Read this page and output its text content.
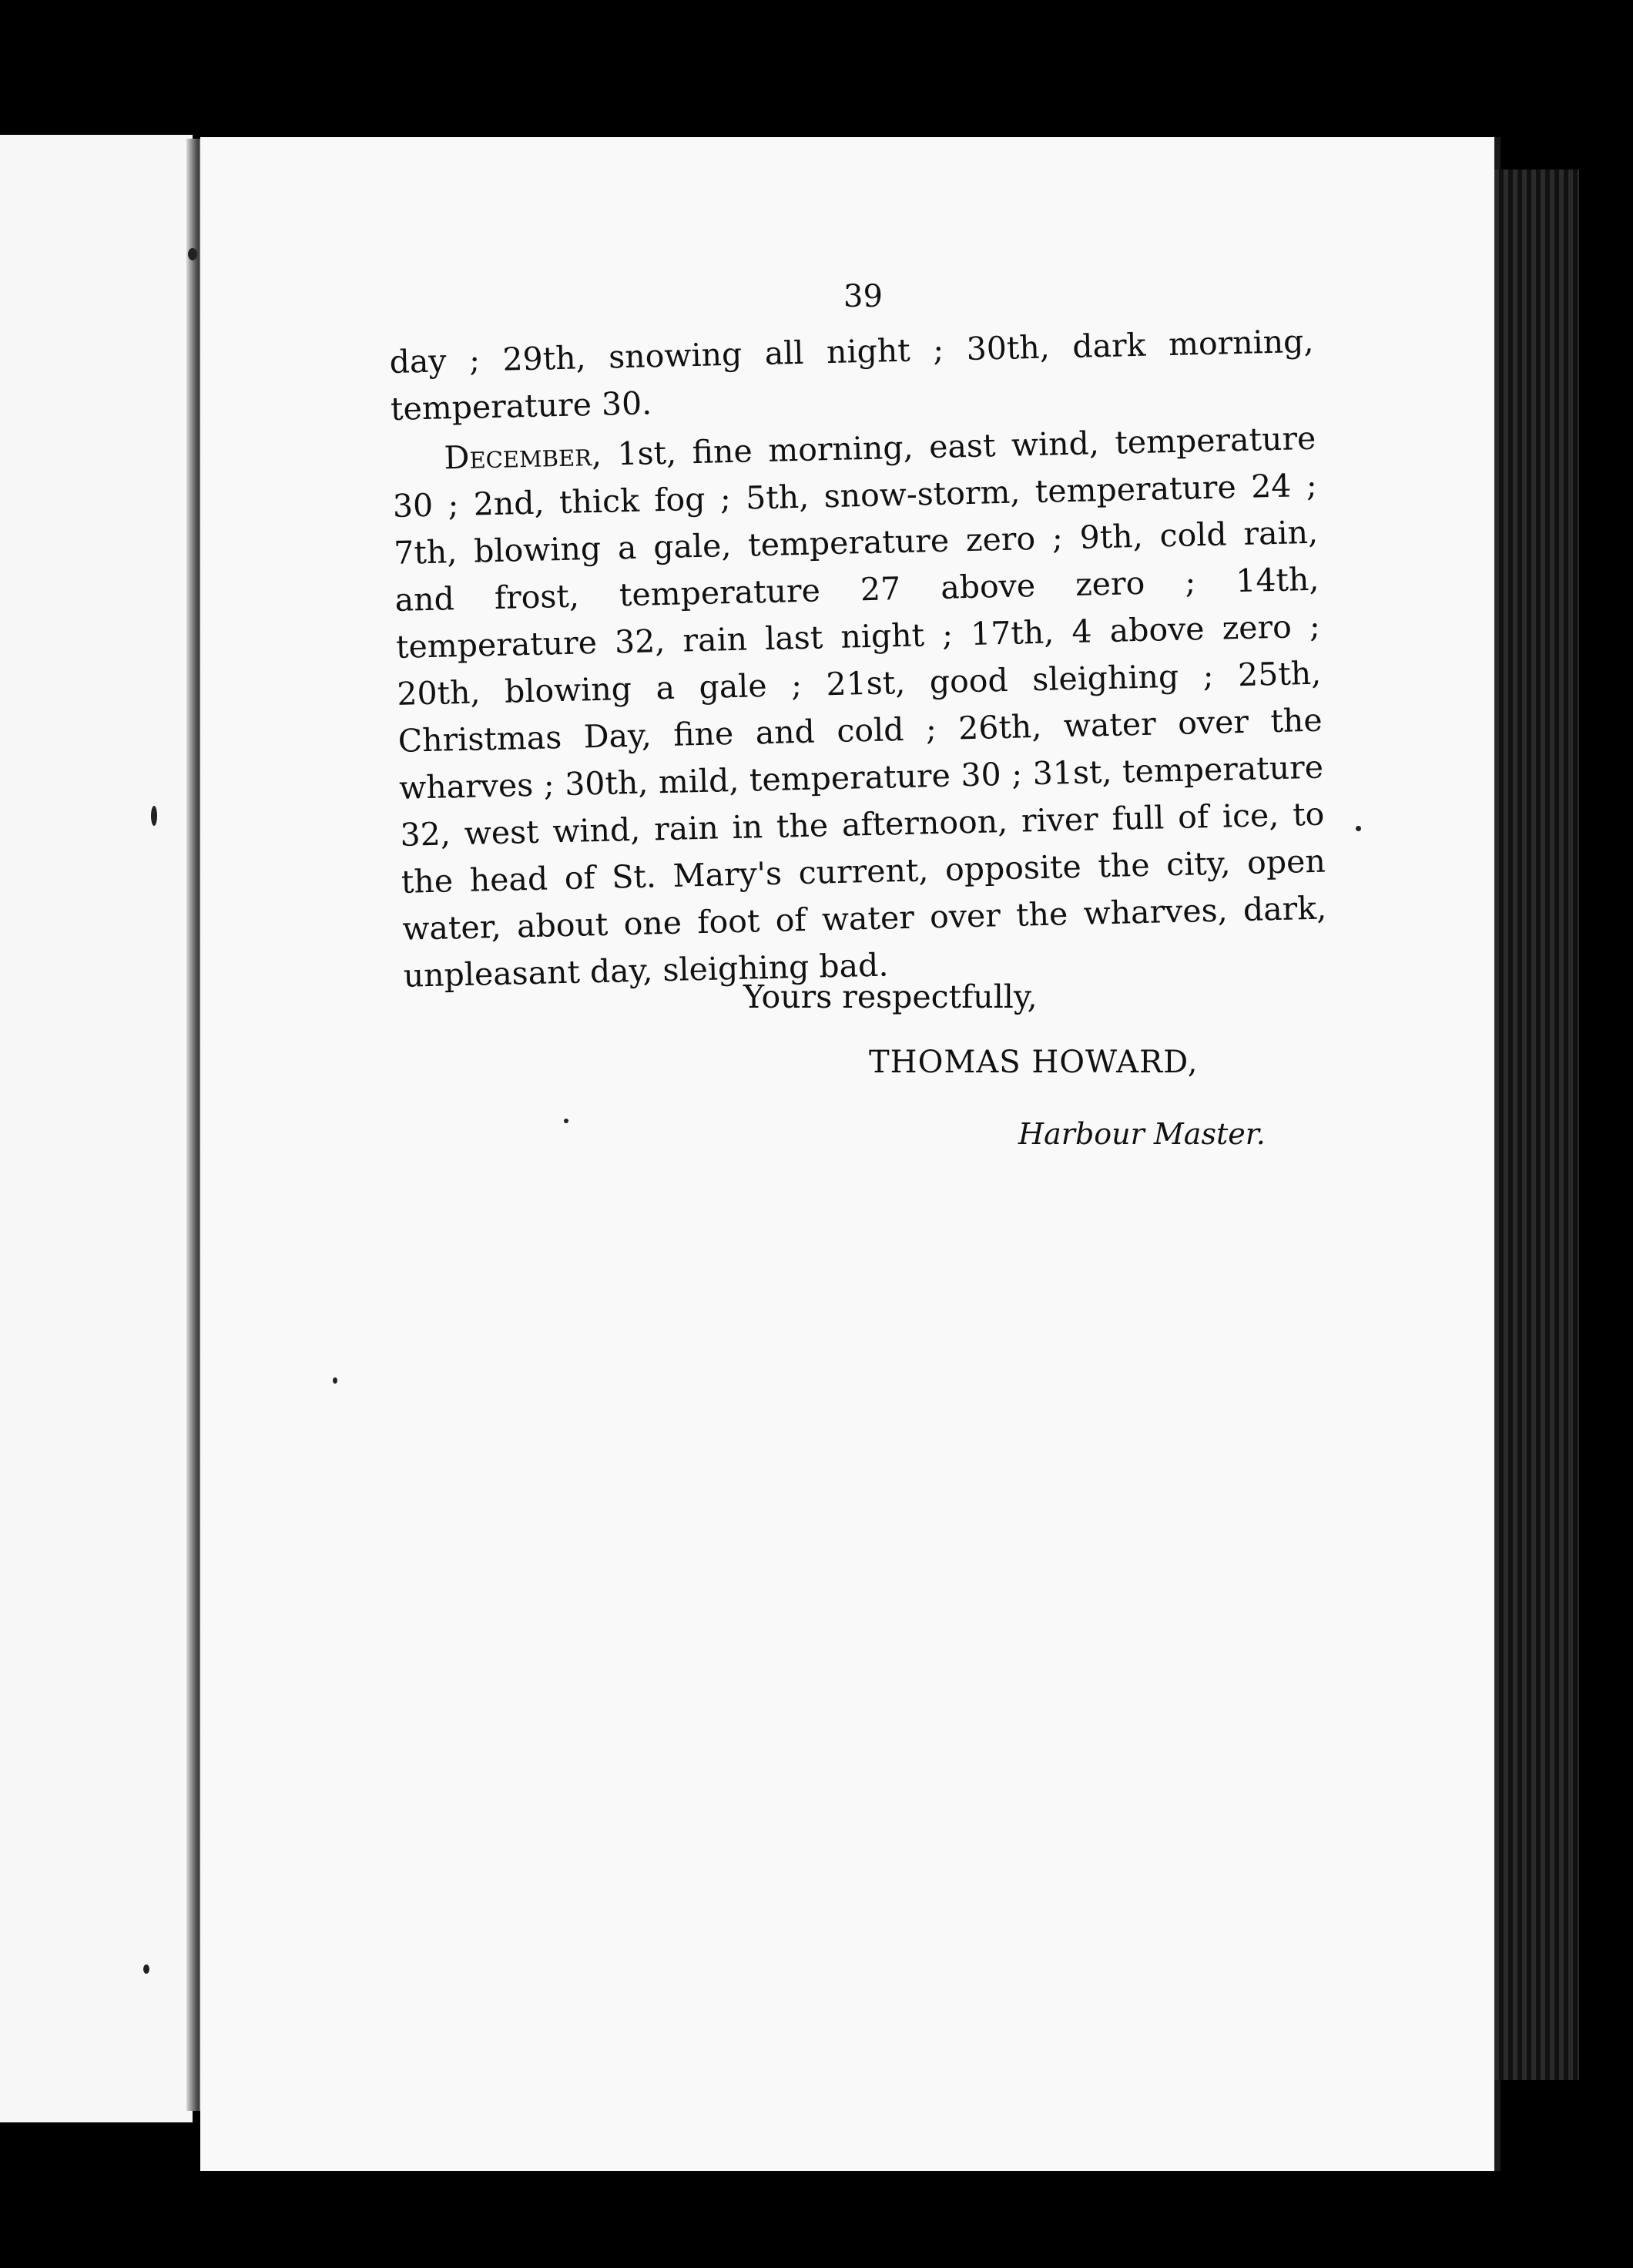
39

day ; 29th, snowing all night ; 30th, dark morning, temperature 30.

December, 1st, fine morning, east wind, temperature 30 ; 2nd, thick fog ; 5th, snow-storm, temperature 24 ; 7th, blowing a gale, temperature zero ; 9th, cold rain, and frost, temperature 27 above zero ; 14th, temperature 32, rain last night ; 17th, 4 above zero ; 20th, blowing a gale ; 21st, good sleighing ; 25th, Christmas Day, fine and cold ; 26th, water over the wharves ; 30th, mild, temperature 30 ; 31st, temperature 32, west wind, rain in the afternoon, river full of ice, to the head of St. Mary's current, opposite the city, open water, about one foot of water over the wharves, dark, unpleasant day, sleighing bad.

Yours respectfully,
THOMAS HOWARD,
Harbour Master.
